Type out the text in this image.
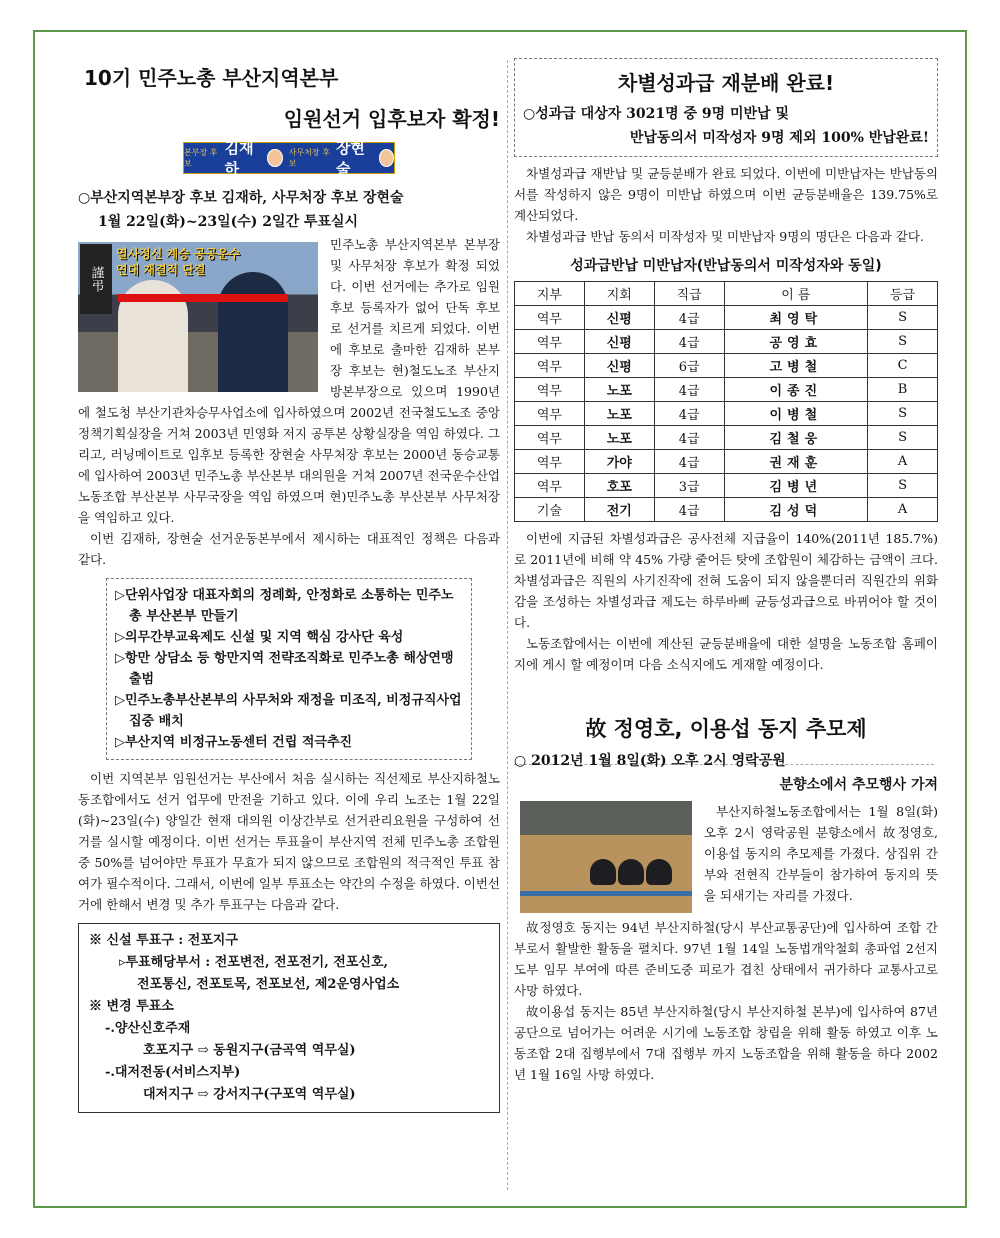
10기 민주노총 부산지역본부
임원선거 입후보자 확정!
본부장 후보
김재하
사무처장 후보
장현술
○부산지역본부장 후보 김재하, 사무처장 후보 장현술
1월 22일(화)~23일(수) 2일간 투표실시
謹弔
열사정신 계승 공공운수 연대 재결적 단결

민주노총 부산지역본부 본부장 및 사무처장 후보가 확정 되었다. 이번 선거에는 추가로 임원후보 등록자가 없어 단독 후보로 선거를 치르게 되었다. 이번에 후보로 출마한 김재하 본부장 후보는 현)철도노조 부산지방본부장으로 있으며 1990년에 철도청 부산기관차승무사업소에 입사하였으며 2002년 전국철도노조 중앙 정책기획실장을 거쳐 2003년 민영화 저지 공투본 상황실장을 역임 하였다. 그리고, 러닝메이트로 입후보 등록한 장현술 사무처장 후보는 2000년 동승교통에 입사하여 2003년 민주노총 부산본부 대의원을 거쳐 2007년 전국운수산업노동조합 부산본부 사무국장을 역임 하였으며 현)민주노총 부산본부 사무처장을 역임하고 있다.

이번 김재하, 장현술 선거운동본부에서 제시하는 대표적인 정책은 다음과 같다.

▷단위사업장 대표자회의 정례화, 안정화로 소통하는 민주노총 부산본부 만들기
▷의무간부교육제도 신설 및 지역 핵심 강사단 육성
▷항만 상담소 등 항만지역 전략조직화로 민주노총 해상연맹 출범
▷민주노총부산본부의 사무처와 재정을 미조직, 비정규직사업 집중 배치
▷부산지역 비정규노동센터 건립 적극추진

이번 지역본부 임원선거는 부산에서 처음 실시하는 직선제로 부산지하철노동조합에서도 선거 업무에 만전을 기하고 있다. 이에 우리 노조는 1월 22일(화)~23일(수) 양일간 현재 대의원 이상간부로 선거관리요원을 구성하여 선거를 실시할 예정이다. 이번 선거는 투표율이 부산지역 전체 민주노총 조합원 중 50%를 넘어야만 투표가 무효가 되지 않으므로 조합원의 적극적인 투표 참여가 필수적이다. 그래서, 이번에 일부 투표소는 약간의 수정을 하였다. 이번선거에 한해서 변경 및 추가 투표구는 다음과 같다.

※ 신설 투표구 : 전포지구
▹투표해당부서 : 전포변전, 전포전기, 전포신호,
전포통신, 전포토목, 전포보선, 제2운영사업소
※ 변경 투표소
-.양산신호주재
호포지구 ⇨ 동원지구(금곡역 역무실)
-.대저전동(서비스지부)
대저지구 ⇨ 강서지구(구포역 역무실)
차별성과급 재분배 완료!
○성과급 대상자 3021명 중 9명 미반납 및
반납동의서 미작성자 9명 제외 100% 반납완료!

차별성과급 재반납 및 균등분배가 완료 되었다. 이번에 미반납자는 반납동의서를 작성하지 않은 9명이 미반납 하였으며 이번 균등분배율은 139.75%로 계산되었다.

차별성과급 반납 동의서 미작성자 및 미반납자 9명의 명단은 다음과 같다.

성과급반납 미반납자(반납동의서 미작성자와 동일)
지부	지회	직급	이 름	등급
역무	신평	4급	최영탁	S
역무	신평	4급	공영효	S
역무	신평	6급	고병철	C
역무	노포	4급	이종진	B
역무	노포	4급	이병철	S
역무	노포	4급	김철웅	S
역무	가야	4급	권재훈	A
역무	호포	3급	김병년	S
기술	전기	4급	김성덕	A

이번에 지급된 차별성과급은 공사전체 지급율이 140%(2011년 185.7%)로 2011년에 비해 약 45% 가량 줄어든 탓에 조합원이 체감하는 금액이 크다. 차별성과급은 직원의 사기진작에 전혀 도움이 되지 않을뿐더러 직원간의 위화감을 조성하는 차별성과급 제도는 하루바삐 균등성과급으로 바뀌어야 할 것이다.

노동조합에서는 이번에 계산된 균등분배율에 대한 설명을 노동조합 홈페이지에 게시 할 예정이며 다음 소식지에도 게재할 예정이다.

故 정영호, 이용섭 동지 추모제
○ 2012년 1월 8일(화) 오후 2시 영락공원
분향소에서 추모행사 가져

부산지하철노동조합에서는 1월 8일(화) 오후 2시 영락공원 분향소에서 故정영호, 이용섭 동지의 추모제를 가졌다. 상집위 간부와 전현직 간부들이 참가하여 동지의 뜻을 되새기는 자리를 가졌다.

故정영호 동지는 94년 부산지하철(당시 부산교통공단)에 입사하여 조합 간부로서 활발한 활동을 펼치다. 97년 1월 14일 노동법개악철회 총파업 2선지도부 임무 부여에 따른 준비도중 피로가 겹친 상태에서 귀가하다 교통사고로 사망 하였다.

故이용섭 동지는 85년 부산지하철(당시 부산지하철 본부)에 입사하여 87년 공단으로 넘어가는 어려운 시기에 노동조합 창립을 위해 활동 하였고 이후 노동조합 2대 집행부에서 7대 집행부 까지 노동조합을 위해 활동을 하다 2002년 1월 16일 사망 하였다.
